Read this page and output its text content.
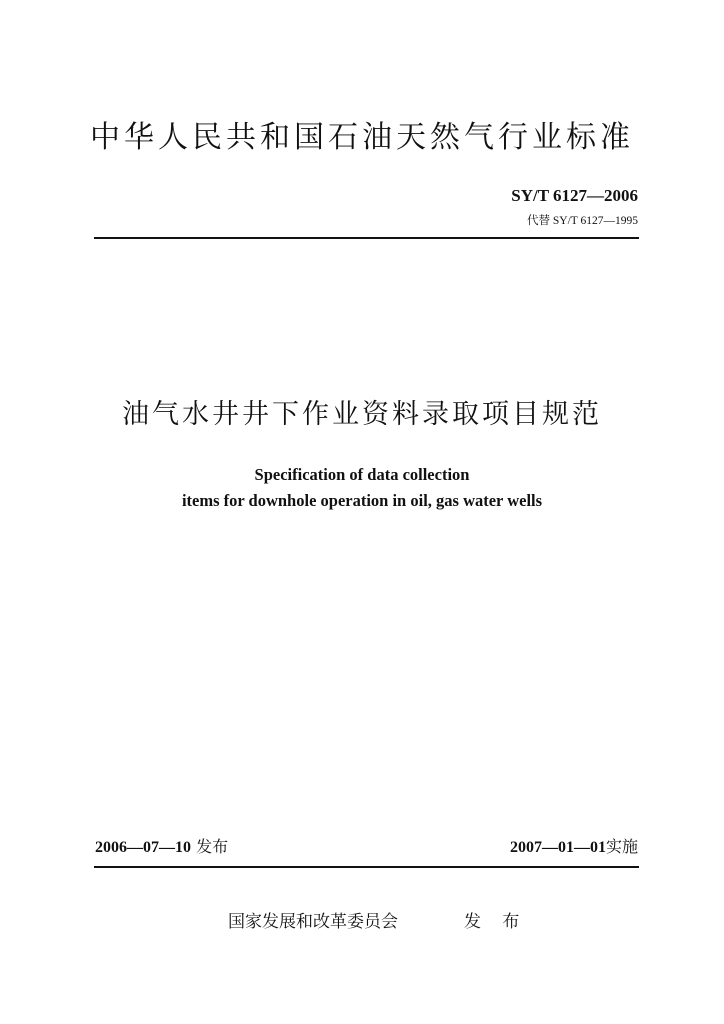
中华人民共和国石油天然气行业标准
SY/T 6127—2006
代替 SY/T 6127—1995
油气水井井下作业资料录取项目规范
Specification of data collection
items for downhole operation in oil, gas water wells
2006—07—10 发布	2007—01—01实施
国家发展和改革委员会	发 布
